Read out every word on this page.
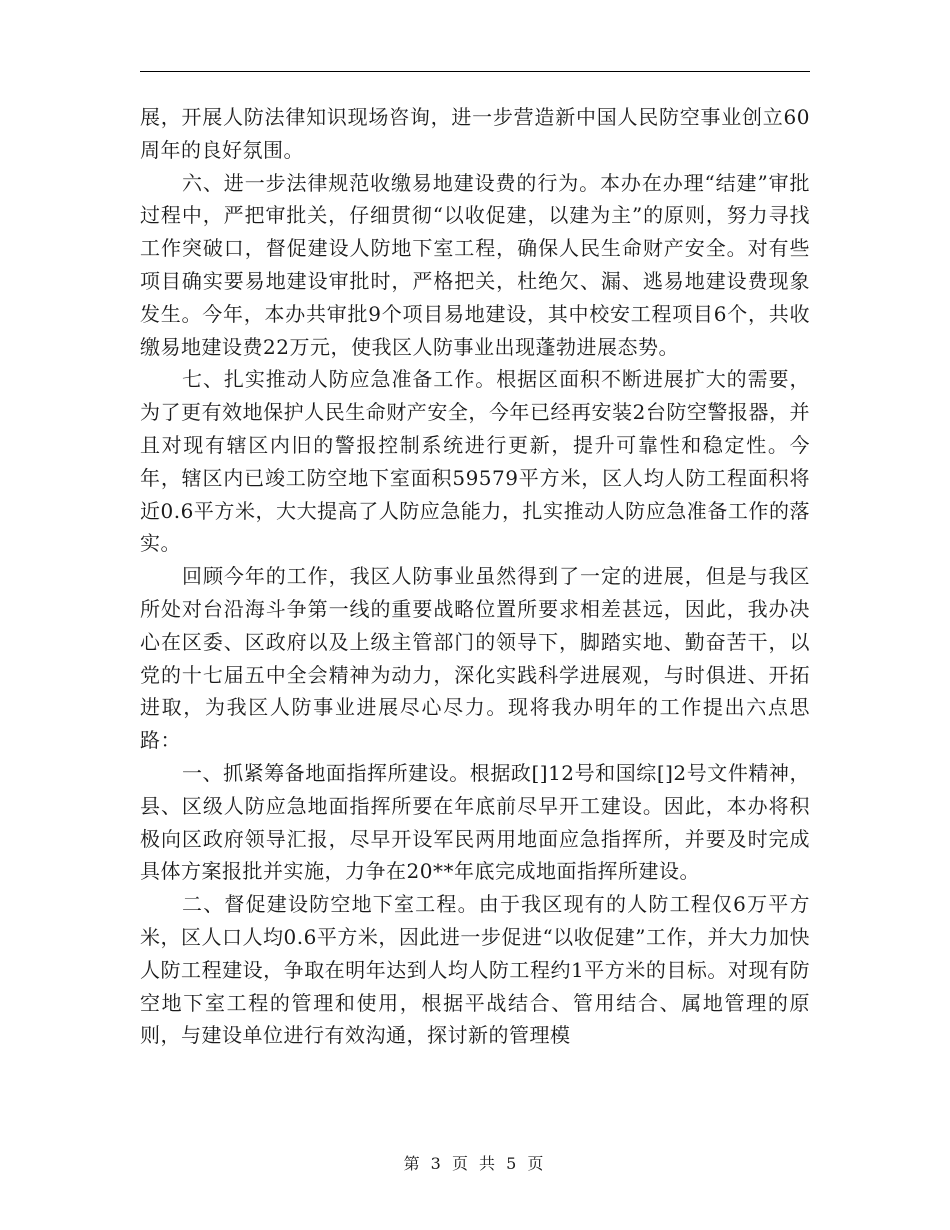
展，开展人防法律知识现场咨询，进一步营造新中国人民防空事业创立60周年的良好氛围。

六、进一步法律规范收缴易地建设费的行为。本办在办理“结建”审批过程中，严把审批关，仔细贯彻“以收促建，以建为主”的原则，努力寻找工作突破口，督促建设人防地下室工程，确保人民生命财产安全。对有些项目确实要易地建设审批时，严格把关，杜绝欠、漏、逃易地建设费现象发生。今年，本办共审批9个项目易地建设，其中校安工程项目6个，共收缴易地建设费22万元，使我区人防事业出现蓬勃进展态势。

七、扎实推动人防应急准备工作。根据区面积不断进展扩大的需要，为了更有效地保护人民生命财产安全，今年已经再安装2台防空警报器，并且对现有辖区内旧的警报控制系统进行更新，提升可靠性和稳定性。今年，辖区内已竣工防空地下室面积59579平方米，区人均人防工程面积将近0.6平方米，大大提高了人防应急能力，扎实推动人防应急准备工作的落实。

回顾今年的工作，我区人防事业虽然得到了一定的进展，但是与我区所处对台沿海斗争第一线的重要战略位置所要求相差甚远，因此，我办决心在区委、区政府以及上级主管部门的领导下，脚踏实地、勤奋苦干，以党的十七届五中全会精神为动力，深化实践科学进展观，与时俱进、开拓进取，为我区人防事业进展尽心尽力。现将我办明年的工作提出六点思路：

一、抓紧筹备地面指挥所建设。根据政[]12号和国综[]2号文件精神，县、区级人防应急地面指挥所要在年底前尽早开工建设。因此，本办将积极向区政府领导汇报，尽早开设军民两用地面应急指挥所，并要及时完成具体方案报批并实施，力争在20**年底完成地面指挥所建设。

二、督促建设防空地下室工程。由于我区现有的人防工程仅6万平方米，区人口人均0.6平方米，因此进一步促进“以收促建”工作，并大力加快人防工程建设，争取在明年达到人均人防工程约1平方米的目标。对现有防空地下室工程的管理和使用，根据平战结合、管用结合、属地管理的原则，与建设单位进行有效沟通，探讨新的管理模

第 3 页 共 5 页
